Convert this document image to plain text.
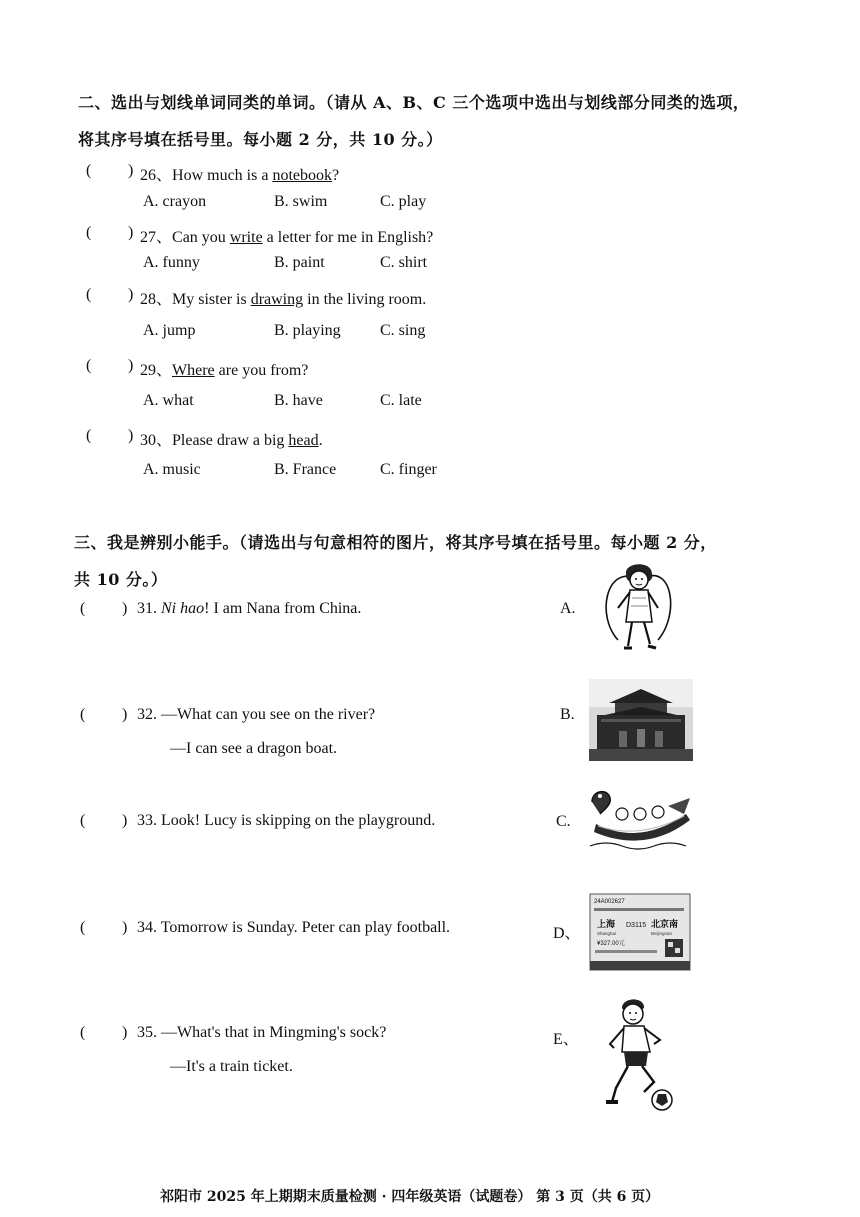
二、选出与划线单词同类的单词。（请从 A、B、C 三个选项中选出与划线部分同类的选项，
将其序号填在括号里。每小题 2 分，共 10 分。）
( ) 26、How much is a notebook?
A. crayon	B. swim	C. play
( ) 27、Can you write a letter for me in English?
A. funny	B. paint	C. shirt
( ) 28、My sister is drawing in the living room.
A. jump	B. playing C. sing
( ) 29、Where are you from?
A. what	B. have	C. late
( ) 30、Please draw a big head.
A. music	B. France	C. finger
三、我是辨别小能手。（请选出与句意相符的图片，将其序号填在括号里。每小题 2 分，
共 10 分。）
( ) 31. Ni hao! I am Nana from China.
( ) 32. —What can you see on the river?
—I can see a dragon boat.
( ) 33. Look! Lucy is skipping on the playground.
( ) 34. Tomorrow is Sunday. Peter can play football.
( ) 35. —What's that in Mingming's sock?
—It's a train ticket.
A.
B.
C.
D、
E、
24A002627
上海 D3115 北京南
Shanghai	Beijingnan
¥327.00元
祁阳市 2025 年上期期末质量检测 · 四年级英语（试题卷） 第 3 页（共 6 页）
